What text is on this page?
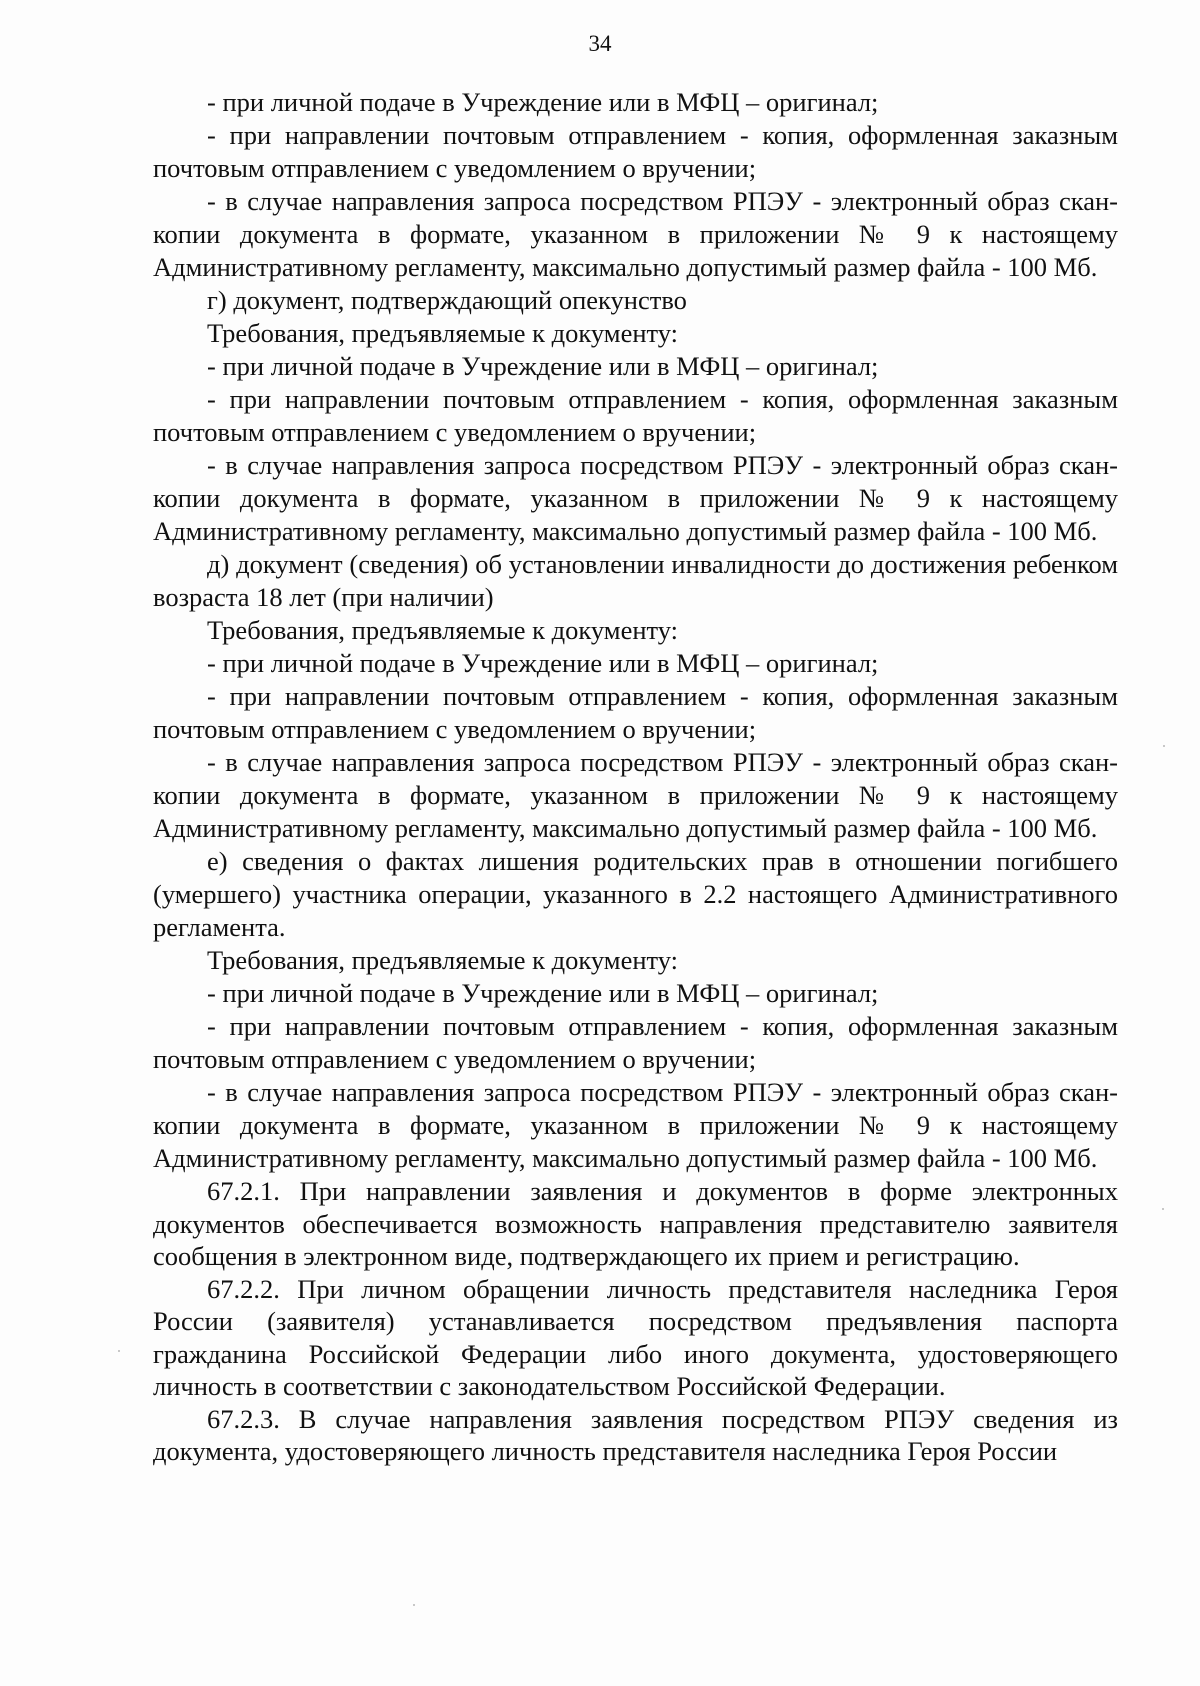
34

- при личной подаче в Учреждение или в МФЦ – оригинал;

- при направлении почтовым отправлением - копия, оформленная заказным почтовым отправлением с уведомлением о вручении;

- в случае направления запроса посредством РПЭУ - электронный образ скан-копии документа в формате, указанном в приложении № 9 к настоящему Административному регламенту, максимально допустимый размер файла - 100 Мб.

г) документ, подтверждающий опекунство

Требования, предъявляемые к документу:

- при личной подаче в Учреждение или в МФЦ – оригинал;

- при направлении почтовым отправлением - копия, оформленная заказным почтовым отправлением с уведомлением о вручении;

- в случае направления запроса посредством РПЭУ - электронный образ скан-копии документа в формате, указанном в приложении № 9 к настоящему Административному регламенту, максимально допустимый размер файла - 100 Мб.

д) документ (сведения) об установлении инвалидности до достижения ребенком возраста 18 лет (при наличии)

Требования, предъявляемые к документу:

- при личной подаче в Учреждение или в МФЦ – оригинал;

- при направлении почтовым отправлением - копия, оформленная заказным почтовым отправлением с уведомлением о вручении;

- в случае направления запроса посредством РПЭУ - электронный образ скан-копии документа в формате, указанном в приложении № 9 к настоящему Административному регламенту, максимально допустимый размер файла - 100 Мб.

е) сведения о фактах лишения родительских прав в отношении погибшего (умершего) участника операции, указанного в 2.2 настоящего Административного регламента.

Требования, предъявляемые к документу:

- при личной подаче в Учреждение или в МФЦ – оригинал;

- при направлении почтовым отправлением - копия, оформленная заказным почтовым отправлением с уведомлением о вручении;

- в случае направления запроса посредством РПЭУ - электронный образ скан-копии документа в формате, указанном в приложении № 9 к настоящему Административному регламенту, максимально допустимый размер файла - 100 Мб.

67.2.1. При направлении заявления и документов в форме электронных документов обеспечивается возможность направления представителю заявителя сообщения в электронном виде, подтверждающего их прием и регистрацию.

67.2.2. При личном обращении личность представителя наследника Героя России (заявителя) устанавливается посредством предъявления паспорта гражданина Российской Федерации либо иного документа, удостоверяющего личность в соответствии с законодательством Российской Федерации.

67.2.3. В случае направления заявления посредством РПЭУ сведения из документа, удостоверяющего личность представителя наследника Героя России
